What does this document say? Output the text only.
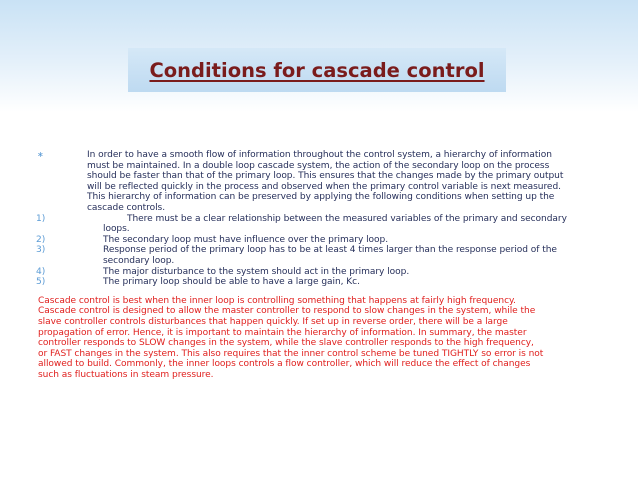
Conditions for cascade control
∗	In order to have a smooth flow of information throughout the control system, a hierarchy of information
must be maintained. In a double loop cascade system, the action of the secondary loop on the process
should be faster than that of the primary loop. This ensures that the changes made by the primary output
will be reflected quickly in the process and observed when the primary control variable is next measured.
This hierarchy of information can be preserved by applying the following conditions when setting up the
cascade controls.
1)	There must be a clear relationship between the measured variables of the primary and secondary
loops.
2)	The secondary loop must have influence over the primary loop.
3)	Response period of the primary loop has to be at least 4 times larger than the response period of the
secondary loop.
4)	The major disturbance to the system should act in the primary loop.
5)	The primary loop should be able to have a large gain, Kc.
Cascade control is best when the inner loop is controlling something that happens at fairly high frequency.
Cascade control is designed to allow the master controller to respond to slow changes in the system, while the
slave controller controls disturbances that happen quickly. If set up in reverse order, there will be a large
propagation of error. Hence, it is important to maintain the hierarchy of information. In summary, the master
controller responds to SLOW changes in the system, while the slave controller responds to the high frequency,
or FAST changes in the system. This also requires that the inner control scheme be tuned TIGHTLY so error is not
allowed to build. Commonly, the inner loops controls a flow controller, which will reduce the effect of changes
such as fluctuations in steam pressure.
